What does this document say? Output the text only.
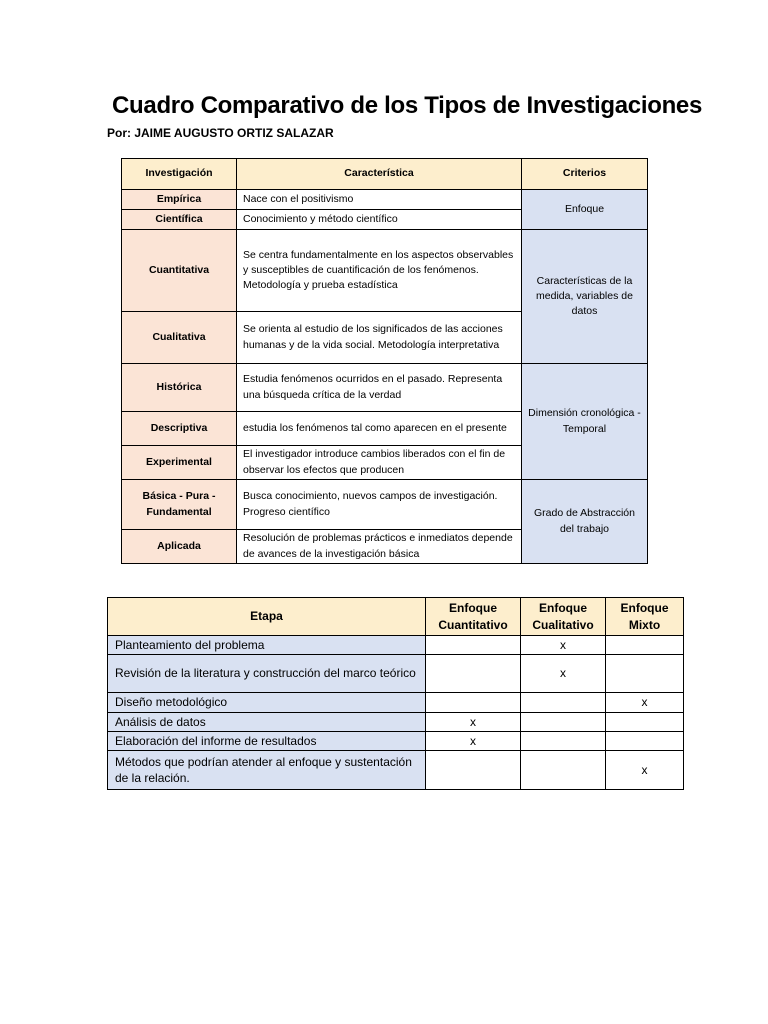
Cuadro Comparativo de los Tipos de Investigaciones
Por: JAIME AUGUSTO ORTIZ SALAZAR
Investigación	Característica	Criterios
Empírica	Nace con el positivismo	Enfoque
Científica	Conocimiento y método científico	
Cuantitativa	Se centra fundamentalmente en los aspectos observables y susceptibles de cuantificación de los fenómenos. Metodología y prueba estadística	Características de la medida, variables de datos
Cualitativa	Se orienta al estudio de los significados de las acciones humanas y de la vida social. Metodología interpretativa	
Histórica	Estudia fenómenos ocurridos en el pasado. Representa una búsqueda crítica de la verdad	Dimensión cronológica - Temporal
Descriptiva	estudia los fenómenos tal como aparecen en el presente	
Experimental	El investigador introduce cambios liberados con el fin de observar los efectos que producen	
Básica - Pura - Fundamental	Busca conocimiento, nuevos campos de investigación. Progreso científico	Grado de Abstracción del trabajo
Aplicada	Resolución de problemas prácticos e inmediatos depende de avances de la investigación básica	
Etapa	Enfoque Cuantitativo	Enfoque Cualitativo	Enfoque Mixto
Planteamiento del problema		x	
Revisión de la literatura y construcción del marco teórico		x	
Diseño metodológico			x
Análisis de datos	x		
Elaboración del informe de resultados	x		
Métodos que podrían atender al enfoque y sustentación de la relación.			x
